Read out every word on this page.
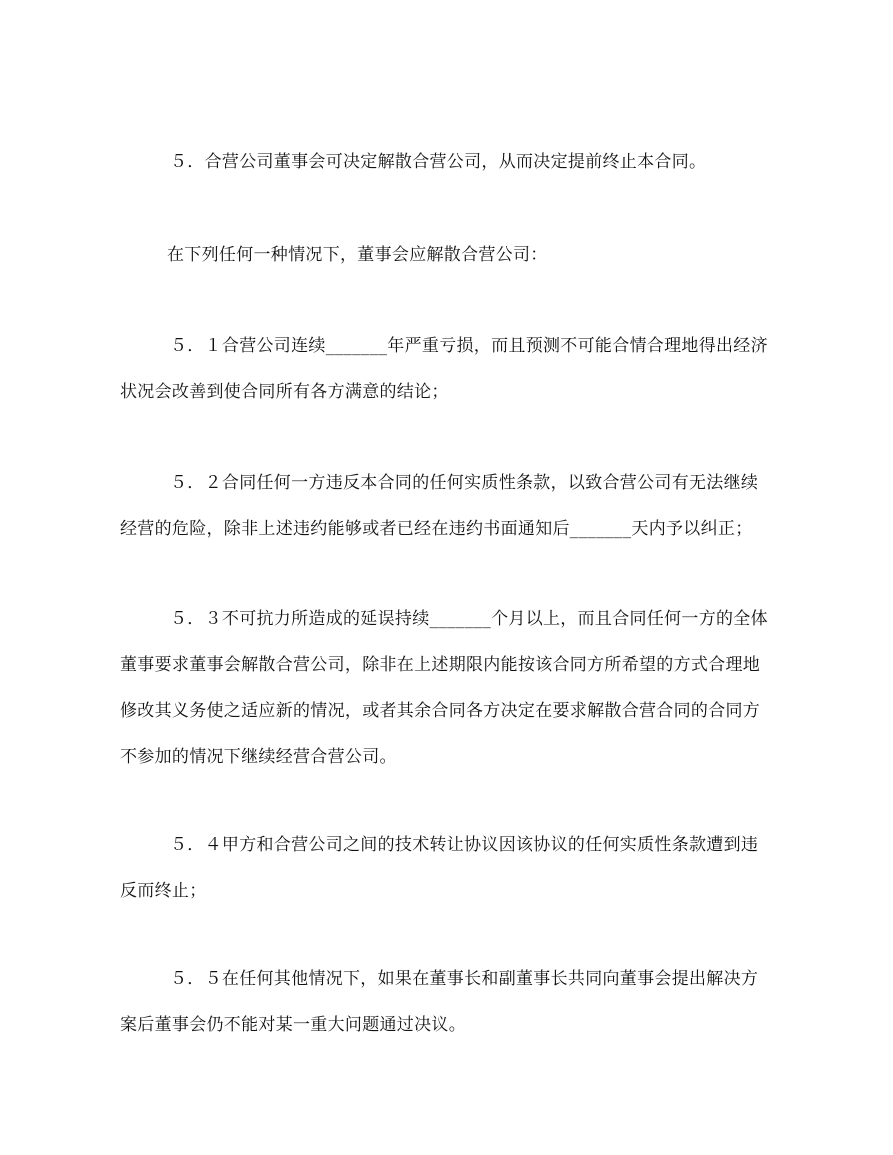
５．合营公司董事会可决定解散合营公司，从而决定提前终止本合同。

在下列任何一种情况下，董事会应解散合营公司：

５．１合营公司连续_______年严重亏损，而且预测不可能合情合理地得出经济状况会改善到使合同所有各方满意的结论；

５．２合同任何一方违反本合同的任何实质性条款，以致合营公司有无法继续经营的危险，除非上述违约能够或者已经在违约书面通知后_______天内予以纠正；

５．３不可抗力所造成的延误持续_______个月以上，而且合同任何一方的全体董事要求董事会解散合营公司，除非在上述期限内能按该合同方所希望的方式合理地修改其义务使之适应新的情况，或者其余合同各方决定在要求解散合营合同的合同方不参加的情况下继续经营合营公司。

５．４甲方和合营公司之间的技术转让协议因该协议的任何实质性条款遭到违反而终止；

５．５在任何其他情况下，如果在董事长和副董事长共同向董事会提出解决方案后董事会仍不能对某一重大问题通过决议。
